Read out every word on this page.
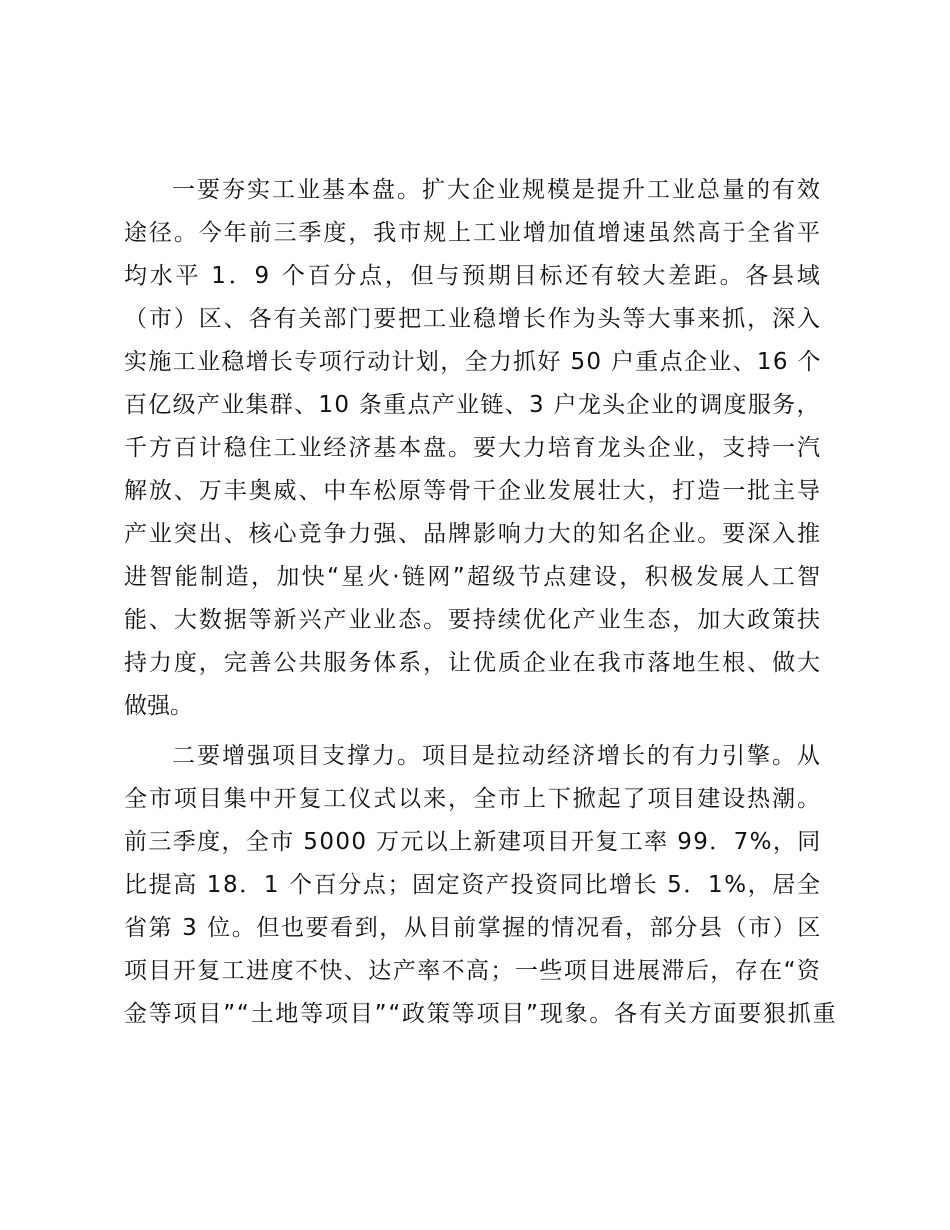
一要夯实工业基本盘。扩大企业规模是提升工业总量的有效

途径。今年前三季度，我市规上工业增加值增速虽然高于全省平

均水平 1．9 个百分点，但与预期目标还有较大差距。各县域

（市）区、各有关部门要把工业稳增长作为头等大事来抓，深入

实施工业稳增长专项行动计划，全力抓好 50 户重点企业、16 个

百亿级产业集群、10 条重点产业链、3 户龙头企业的调度服务，

千方百计稳住工业经济基本盘。要大力培育龙头企业，支持一汽

解放、万丰奥威、中车松原等骨干企业发展壮大，打造一批主导

产业突出、核心竞争力强、品牌影响力大的知名企业。要深入推

进智能制造，加快“星火·链网”超级节点建设，积极发展人工智

能、大数据等新兴产业业态。要持续优化产业生态，加大政策扶

持力度，完善公共服务体系，让优质企业在我市落地生根、做大

做强。

二要增强项目支撑力。项目是拉动经济增长的有力引擎。从

全市项目集中开复工仪式以来，全市上下掀起了项目建设热潮。

前三季度，全市 5000 万元以上新建项目开复工率 99．7%，同

比提高 18．1 个百分点；固定资产投资同比增长 5．1%，居全

省第 3 位。但也要看到，从目前掌握的情况看，部分县（市）区

项目开复工进度不快、达产率不高；一些项目进展滞后，存在“资

金等项目”“土地等项目”“政策等项目”现象。各有关方面要狠抓重
